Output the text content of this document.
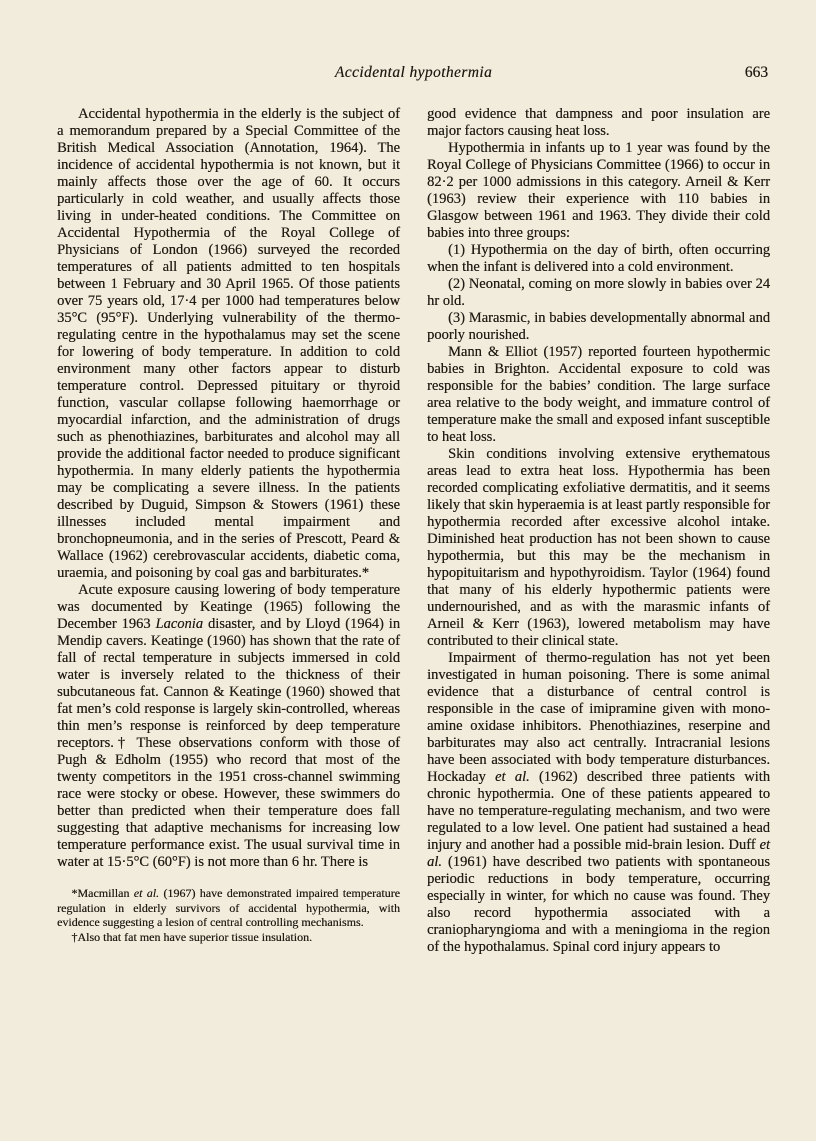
Accidental hypothermia	663

Accidental hypothermia in the elderly is the subject of a memorandum prepared by a Special Committee of the British Medical Association (Annotation, 1964). The incidence of accidental hypothermia is not known, but it mainly affects those over the age of 60. It occurs particularly in cold weather, and usually affects those living in under-heated conditions. The Committee on Accidental Hypothermia of the Royal College of Physicians of London (1966) surveyed the recorded temperatures of all patients admitted to ten hospitals between 1 February and 30 April 1965. Of those patients over 75 years old, 17·4 per 1000 had temperatures below 35°C (95°F). Underlying vulnerability of the thermo-regulating centre in the hypothalamus may set the scene for lowering of body temperature. In addition to cold environment many other factors appear to disturb temperature control. Depressed pituitary or thyroid function, vascular collapse following haemorrhage or myocardial infarction, and the administration of drugs such as phenothiazines, barbiturates and alcohol may all provide the additional factor needed to produce significant hypothermia. In many elderly patients the hypothermia may be complicating a severe illness. In the patients described by Duguid, Simpson & Stowers (1961) these illnesses included mental impairment and bronchopneumonia, and in the series of Prescott, Peard & Wallace (1962) cerebrovascular accidents, diabetic coma, uraemia, and poisoning by coal gas and barbiturates.*

Acute exposure causing lowering of body temperature was documented by Keatinge (1965) following the December 1963 Laconia disaster, and by Lloyd (1964) in Mendip cavers. Keatinge (1960) has shown that the rate of fall of rectal temperature in subjects immersed in cold water is inversely related to the thickness of their subcutaneous fat. Cannon & Keatinge (1960) showed that fat men’s cold response is largely skin-controlled, whereas thin men’s response is reinforced by deep temperature receptors.† These observations conform with those of Pugh & Edholm (1955) who record that most of the twenty competitors in the 1951 cross-channel swimming race were stocky or obese. However, these swimmers do better than predicted when their temperature does fall suggesting that adaptive mechanisms for increasing low temperature performance exist. The usual survival time in water at 15·5°C (60°F) is not more than 6 hr. There is

*Macmillan et al. (1967) have demonstrated impaired temperature regulation in elderly survivors of accidental hypothermia, with evidence suggesting a lesion of central controlling mechanisms.

†Also that fat men have superior tissue insulation.

good evidence that dampness and poor insulation are major factors causing heat loss.

Hypothermia in infants up to 1 year was found by the Royal College of Physicians Committee (1966) to occur in 82·2 per 1000 admissions in this category. Arneil & Kerr (1963) review their experience with 110 babies in Glasgow between 1961 and 1963. They divide their cold babies into three groups:

(1) Hypothermia on the day of birth, often occurring when the infant is delivered into a cold environment.

(2) Neonatal, coming on more slowly in babies over 24 hr old.

(3) Marasmic, in babies developmentally abnormal and poorly nourished.

Mann & Elliot (1957) reported fourteen hypothermic babies in Brighton. Accidental exposure to cold was responsible for the babies’ condition. The large surface area relative to the body weight, and immature control of temperature make the small and exposed infant susceptible to heat loss.

Skin conditions involving extensive erythematous areas lead to extra heat loss. Hypothermia has been recorded complicating exfoliative dermatitis, and it seems likely that skin hyperaemia is at least partly responsible for hypothermia recorded after excessive alcohol intake. Diminished heat production has not been shown to cause hypothermia, but this may be the mechanism in hypopituitarism and hypothyroidism. Taylor (1964) found that many of his elderly hypothermic patients were undernourished, and as with the marasmic infants of Arneil & Kerr (1963), lowered metabolism may have contributed to their clinical state.

Impairment of thermo-regulation has not yet been investigated in human poisoning. There is some animal evidence that a disturbance of central control is responsible in the case of imipramine given with mono-amine oxidase inhibitors. Phenothiazines, reserpine and barbiturates may also act centrally. Intracranial lesions have been associated with body temperature disturbances. Hockaday et al. (1962) described three patients with chronic hypothermia. One of these patients appeared to have no temperature-regulating mechanism, and two were regulated to a low level. One patient had sustained a head injury and another had a possible mid-brain lesion. Duff et al. (1961) have described two patients with spontaneous periodic reductions in body temperature, occurring especially in winter, for which no cause was found. They also record hypothermia associated with a craniopharyngioma and with a meningioma in the region of the hypothalamus. Spinal cord injury appears to
